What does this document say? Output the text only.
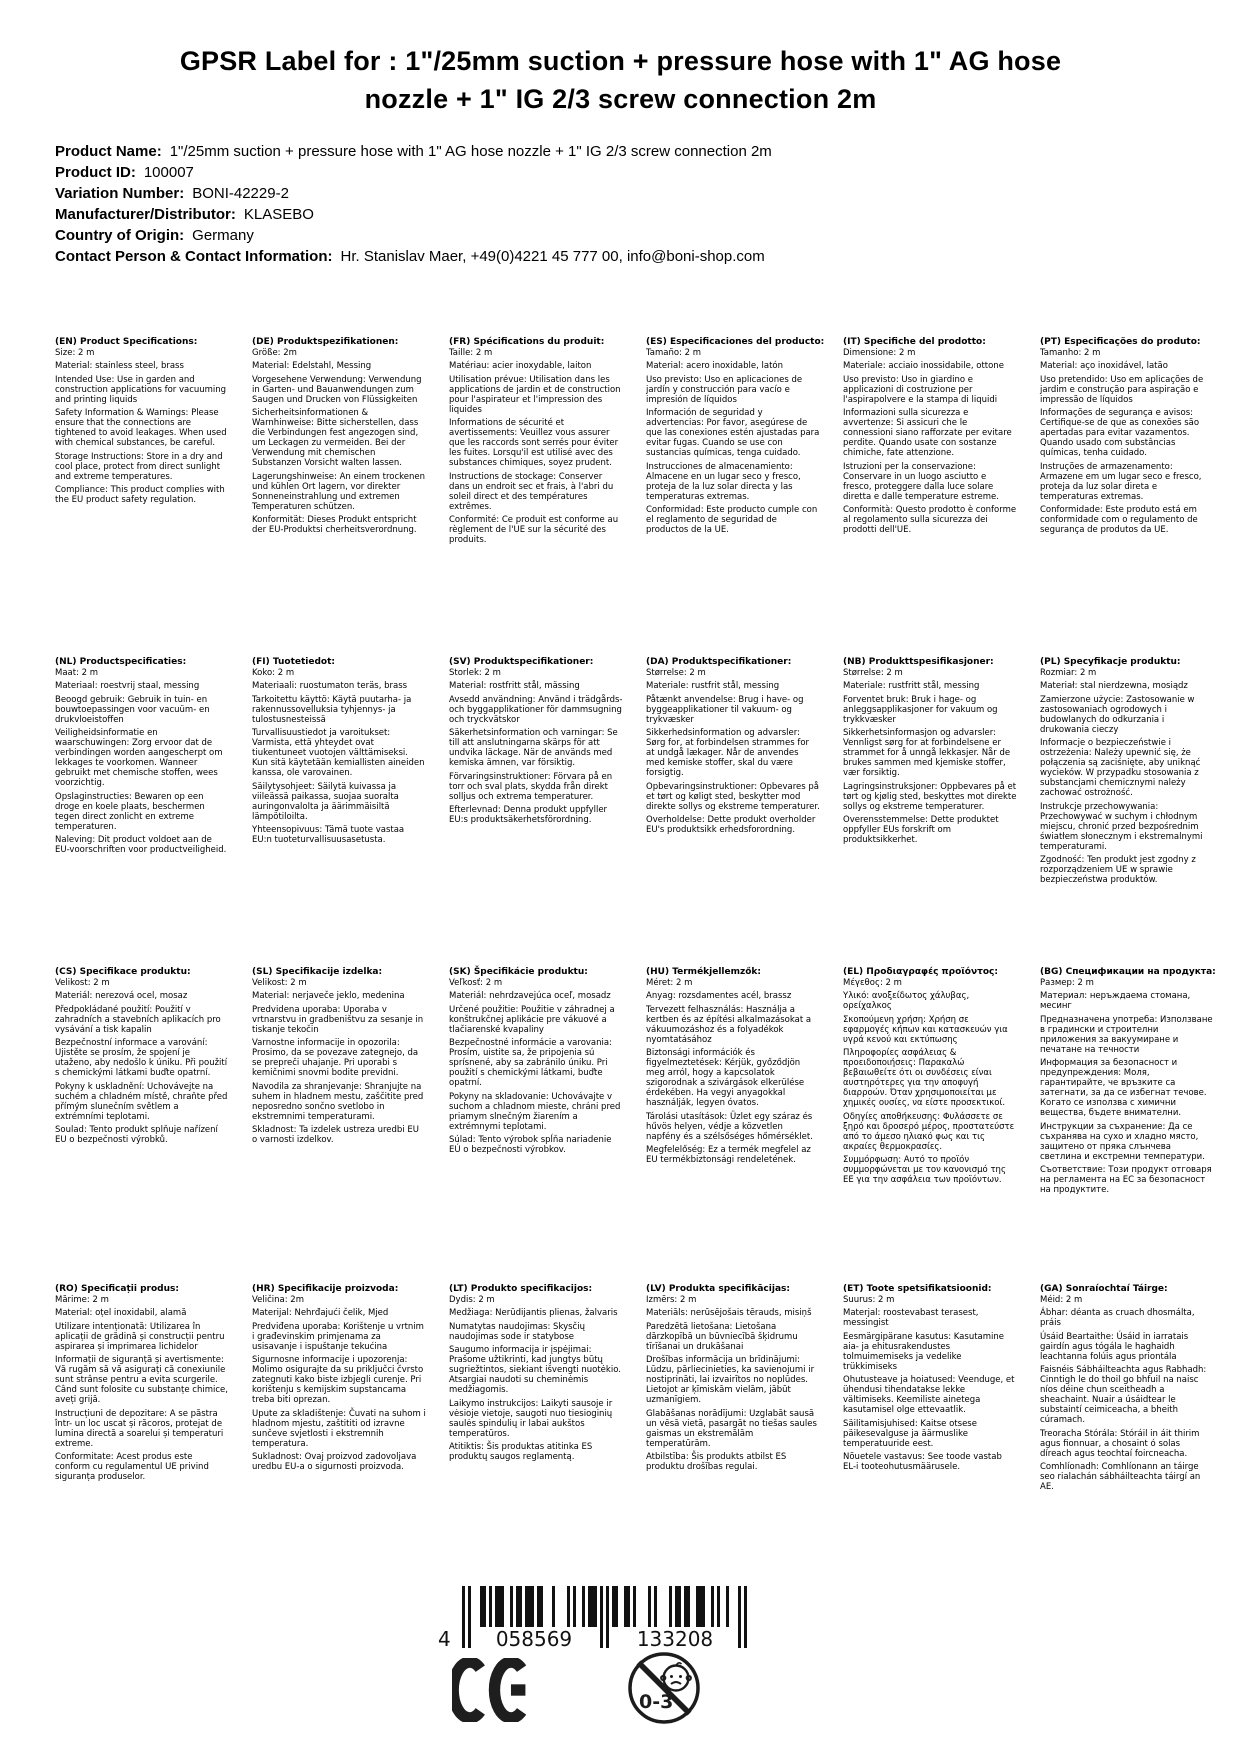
GPSR Label for : 1"/25mm suction + pressure hose with 1" AG hose nozzle + 1" IG 2/3 screw connection 2m
Product Name: 1"/25mm suction + pressure hose with 1" AG hose nozzle + 1" IG 2/3 screw connection 2m
Product ID: 100007
Variation Number: BONI-42229-2
Manufacturer/Distributor: KLASEBO
Country of Origin: Germany
Contact Person & Contact Information: Hr. Stanislav Maer, +49(0)4221 45 777 00, info@boni-shop.com
(EN) Product Specifications:

Size: 2 m

Material: stainless steel, brass

Intended Use: Use in garden and construction applications for vacuuming and printing liquids

Safety Information & Warnings: Please ensure that the connections are tightened to avoid leakages. When used with chemical substances, be careful.

Storage Instructions: Store in a dry and cool place, protect from direct sunlight and extreme temperatures.

Compliance: This product complies with the EU product safety regulation.

(DE) Produktspezifikationen:

Größe: 2m

Material: Edelstahl, Messing

Vorgesehene Verwendung: Verwendung in Garten- und Bauanwendungen zum Saugen und Drucken von Flüssigkeiten

Sicherheitsinformationen & Warnhinweise: Bitte sicherstellen, dass die Verbindungen fest angezogen sind, um Leckagen zu vermeiden. Bei der Verwendung mit chemischen Substanzen Vorsicht walten lassen.

Lagerungshinweise: An einem trockenen und kühlen Ort lagern, vor direkter Sonneneinstrahlung und extremen Temperaturen schützen.

Konformität: Dieses Produkt entspricht der EU-Produktsi cherheitsverordnung.

(FR) Spécifications du produit:

Taille: 2 m

Matériau: acier inoxydable, laiton

Utilisation prévue: Utilisation dans les applications de jardin et de construction pour l'aspirateur et l'impression des liquides

Informations de sécurité et avertissements: Veuillez vous assurer que les raccords sont serrés pour éviter les fuites. Lorsqu'il est utilisé avec des substances chimiques, soyez prudent.

Instructions de stockage: Conserver dans un endroit sec et frais, à l'abri du soleil direct et des températures extrêmes.

Conformité: Ce produit est conforme au règlement de l'UE sur la sécurité des produits.

(ES) Especificaciones del producto:

Tamaño: 2 m

Material: acero inoxidable, latón

Uso previsto: Uso en aplicaciones de jardín y construcción para vacío e impresión de líquidos

Información de seguridad y advertencias: Por favor, asegúrese de que las conexiones estén ajustadas para evitar fugas. Cuando se use con sustancias químicas, tenga cuidado.

Instrucciones de almacenamiento: Almacene en un lugar seco y fresco, proteja de la luz solar directa y las temperaturas extremas.

Conformidad: Este producto cumple con el reglamento de seguridad de productos de la UE.

(IT) Specifiche del prodotto:

Dimensione: 2 m

Materiale: acciaio inossidabile, ottone

Uso previsto: Uso in giardino e applicazioni di costruzione per l'aspirapolvere e la stampa di liquidi

Informazioni sulla sicurezza e avvertenze: Si assicuri che le connessioni siano rafforzate per evitare perdite. Quando usate con sostanze chimiche, fate attenzione.

Istruzioni per la conservazione: Conservare in un luogo asciutto e fresco, proteggere dalla luce solare diretta e dalle temperature estreme.

Conformità: Questo prodotto è conforme al regolamento sulla sicurezza dei prodotti dell'UE.

(PT) Especificações do produto:

Tamanho: 2 m

Material: aço inoxidável, latão

Uso pretendido: Uso em aplicações de jardim e construção para aspiração e impressão de líquidos

Informações de segurança e avisos: Certifique-se de que as conexões são apertadas para evitar vazamentos. Quando usado com substâncias químicas, tenha cuidado.

Instruções de armazenamento: Armazene em um lugar seco e fresco, proteja da luz solar direta e temperaturas extremas.

Conformidade: Este produto está em conformidade com o regulamento de segurança de produtos da UE.

(NL) Productspecificaties:

Maat: 2 m

Materiaal: roestvrij staal, messing

Beoogd gebruik: Gebruik in tuin- en bouwtoepassingen voor vacuüm- en drukvloeistoffen

Veiligheidsinformatie en waarschuwingen: Zorg ervoor dat de verbindingen worden aangescherpt om lekkages te voorkomen. Wanneer gebruikt met chemische stoffen, wees voorzichtig.

Opslaginstructies: Bewaren op een droge en koele plaats, beschermen tegen direct zonlicht en extreme temperaturen.

Naleving: Dit product voldoet aan de EU-voorschriften voor productveiligheid.

(FI) Tuotetiedot:

Koko: 2 m

Materiaali: ruostumaton teräs, brass

Tarkoitettu käyttö: Käytä puutarha- ja rakennussovelluksia tyhjennys- ja tulostusnesteissä

Turvallisuustiedot ja varoitukset: Varmista, että yhteydet ovat tiukentuneet vuotojen välttämiseksi. Kun sitä käytetään kemiallisten aineiden kanssa, ole varovainen.

Säilytysohjeet: Säilytä kuivassa ja viileässä paikassa, suojaa suoralta auringonvalolta ja äärimmäisiltä lämpötiloilta.

Yhteensopivuus: Tämä tuote vastaa EU:n tuoteturvallisuusasetusta.

(SV) Produktspecifikationer:

Storlek: 2 m

Material: rostfritt stål, mässing

Avsedd användning: Använd i trädgårds- och byggapplikationer för dammsugning och tryckvätskor

Säkerhetsinformation och varningar: Se till att anslutningarna skärps för att undvika läckage. När de används med kemiska ämnen, var försiktig.

Förvaringsinstruktioner: Förvara på en torr och sval plats, skydda från direkt solljus och extrema temperaturer.

Efterlevnad: Denna produkt uppfyller EU:s produktsäkerhetsförordning.

(DA) Produktspecifikationer:

Størrelse: 2 m

Materiale: rustfrit stål, messing

Påtænkt anvendelse: Brug i have- og byggeapplikationer til vakuum- og trykvæsker

Sikkerhedsinformation og advarsler: Sørg for, at forbindelsen strammes for at undgå lækager. Når de anvendes med kemiske stoffer, skal du være forsigtig.

Opbevaringsinstruktioner: Opbevares på et tørt og køligt sted, beskytter mod direkte sollys og ekstreme temperaturer.

Overholdelse: Dette produkt overholder EU's produktsikk erhedsforordning.

(NB) Produkttspesifikasjoner:

Størrelse: 2 m

Materiale: rustfritt stål, messing

Forventet bruk: Bruk i hage- og anleggsapplikasjoner for vakuum og trykkvæsker

Sikkerhetsinformasjon og advarsler: Vennligst sørg for at forbindelsene er strammet for å unngå lekkasjer. Når de brukes sammen med kjemiske stoffer, vær forsiktig.

Lagringsinstruksjoner: Oppbevares på et tørt og kjølig sted, beskyttes mot direkte sollys og ekstreme temperaturer.

Overensstemmelse: Dette produktet oppfyller EUs forskrift om produktsikkerhet.

(PL) Specyfikacje produktu:

Rozmiar: 2 m

Materiał: stal nierdzewna, mosiądz

Zamierzone użycie: Zastosowanie w zastosowaniach ogrodowych i budowlanych do odkurzania i drukowania cieczy

Informacje o bezpieczeństwie i ostrzeżenia: Należy upewnić się, że połączenia są zaciśnięte, aby uniknąć wycieków. W przypadku stosowania z substancjami chemicznymi należy zachować ostrożność.

Instrukcje przechowywania: Przechowywać w suchym i chłodnym miejscu, chronić przed bezpośrednim światłem słonecznym i ekstremalnymi temperaturami.

Zgodność: Ten produkt jest zgodny z rozporządzeniem UE w sprawie bezpieczeństwa produktów.

(CS) Specifikace produktu:

Velikost: 2 m

Materiál: nerezová ocel, mosaz

Předpokládané použití: Použití v zahradních a stavebních aplikacích pro vysávání a tisk kapalin

Bezpečnostní informace a varování: Ujistěte se prosím, že spojení je utaženo, aby nedošlo k úniku. Při použití s chemickými látkami buďte opatrní.

Pokyny k uskladnění: Uchovávejte na suchém a chladném místě, chraňte před přímým slunečním světlem a extrémními teplotami.

Soulad: Tento produkt splňuje nařízení EU o bezpečnosti výrobků.

(SL) Specifikacije izdelka:

Velikost: 2 m

Material: nerjaveče jeklo, medenina

Predvidena uporaba: Uporaba v vrtnarstvu in gradbeništvu za sesanje in tiskanje tekočin

Varnostne informacije in opozorila: Prosimo, da se povezave zategnejo, da se prepreči uhajanje. Pri uporabi s kemičnimi snovmi bodite previdni.

Navodila za shranjevanje: Shranjujte na suhem in hladnem mestu, zaščitite pred neposredno sončno svetlobo in ekstremnimi temperaturami.

Skladnost: Ta izdelek ustreza uredbi EU o varnosti izdelkov.

(SK) Špecifikácie produktu:

Veľkosť: 2 m

Materiál: nehrdzavejúca oceľ, mosadz

Určené použitie: Použitie v záhradnej a konštrukčnej aplikácie pre vákuové a tlačiarenské kvapaliny

Bezpečnostné informácie a varovania: Prosím, uistite sa, že pripojenia sú sprísnené, aby sa zabránilo úniku. Pri použití s chemickými látkami, buďte opatrní.

Pokyny na skladovanie: Uchovávajte v suchom a chladnom mieste, chráni pred priamym slnečným žiarením a extrémnymi teplotami.

Súlad: Tento výrobok spĺňa nariadenie EÚ o bezpečnosti výrobkov.

(HU) Termékjellemzők:

Méret: 2 m

Anyag: rozsdamentes acél, brassz

Tervezett felhasználás: Használja a kertben és az építési alkalmazásokat a vákuumozáshoz és a folyadékok nyomtatásához

Biztonsági információk és figyelmeztetések: Kérjük, győződjön meg arról, hogy a kapcsolatok szigorodnak a szivárgások elkerülése érdekében. Ha vegyi anyagokkal használják, legyen óvatos.

Tárolási utasítások: Üzlet egy száraz és hűvös helyen, védje a közvetlen napfény és a szélsőséges hőmérséklet.

Megfelelőség: Ez a termék megfelel az EU termékbiztonsági rendeletének.

(EL) Προδιαγραφές προϊόντος:

Μέγεθος: 2 m

Υλικό: ανοξείδωτος χάλυβας, ορείχαλκος

Σκοπούμενη χρήση: Χρήση σε εφαρμογές κήπων και κατασκευών για υγρά κενού και εκτύπωσης

Πληροφορίες ασφάλειας & προειδοποιήσεις: Παρακαλώ βεβαιωθείτε ότι οι συνδέσεις είναι αυστηρότερες για την αποφυγή διαρροών. Όταν χρησιμοποιείται με χημικές ουσίες, να είστε προσεκτικοί.

Οδηγίες αποθήκευσης: Φυλάσσετε σε ξηρό και δροσερό μέρος, προστατεύστε από το άμεσο ηλιακό φως και τις ακραίες θερμοκρασίες.

Συμμόρφωση: Αυτό το προϊόν συμμορφώνεται με τον κανονισμό της ΕΕ για την ασφάλεια των προϊόντων.

(BG) Спецификации на продукта:

Размер: 2 m

Материал: неръждаема стомана, месинг

Предназначена употреба: Използване в градински и строителни приложения за вакуумиране и печатане на течности

Информация за безопасност и предупреждения: Моля, гарантирайте, че връзките са затегнати, за да се избегнат течове. Когато се използва с химични вещества, бъдете внимателни.

Инструкции за съхранение: Да се съхранява на сухо и хладно място, защитено от пряка слънчева светлина и екстремни температури.

Съответствие: Този продукт отговаря на регламента на ЕС за безопасност на продуктите.

(RO) Specificații produs:

Mărime: 2 m

Material: oțel inoxidabil, alamă

Utilizare intenționată: Utilizarea în aplicații de grădină și construcții pentru aspirarea și imprimarea lichidelor

Informații de siguranță și avertismente: Vă rugăm să vă asigurați că conexiunile sunt strânse pentru a evita scurgerile. Când sunt folosite cu substanțe chimice, aveți grijă.

Instrucțiuni de depozitare: A se păstra într- un loc uscat și răcoros, protejat de lumina directă a soarelui și temperaturi extreme.

Conformitate: Acest produs este conform cu regulamentul UE privind siguranța produselor.

(HR) Specifikacije proizvoda:

Veličina: 2m

Materijal: Nehrđajući čelik, Mjed

Predviđena uporaba: Korištenje u vrtnim i građevinskim primjenama za usisavanje i ispuštanje tekućina

Sigurnosne informacije i upozorenja: Molimo osigurajte da su priključci čvrsto zategnuti kako biste izbjegli curenje. Pri korištenju s kemijskim supstancama treba biti oprezan.

Upute za skladištenje: Čuvati na suhom i hladnom mjestu, zaštititi od izravne sunčeve svjetlosti i ekstremnih temperatura.

Sukladnost: Ovaj proizvod zadovoljava uredbu EU-a o sigurnosti proizvoda.

(LT) Produkto specifikacijos:

Dydis: 2 m

Medžiaga: Nerūdijantis plienas, žalvaris

Numatytas naudojimas: Skysčių naudojimas sode ir statybose

Saugumo informacija ir įspėjimai: Prašome užtikrinti, kad jungtys būtų sugriežtintos, siekiant išvengti nuotėkio. Atsargiai naudoti su cheminėmis medžiagomis.

Laikymo instrukcijos: Laikyti sausoje ir vėsioje vietoje, saugoti nuo tiesioginių saulės spindulių ir labai aukštos temperatūros.

Atitiktis: Šis produktas atitinka ES produktų saugos reglamentą.

(LV) Produkta specifikācijas:

Izmērs: 2 m

Materiāls: nerūsējošais tērauds, misiņš

Paredzētā lietošana: Lietošana dārzkopībā un būvniecībā šķidrumu tīrīšanai un drukāšanai

Drošības informācija un brīdinājumi: Lūdzu, pārliecinieties, ka savienojumi ir nostiprināti, lai izvairītos no noplūdes. Lietojot ar ķīmiskām vielām, jābūt uzmanīgiem.

Glabāšanas norādījumi: Uzglabāt sausā un vēsā vietā, pasargāt no tiešas saules gaismas un ekstremālām temperatūrām.

Atbilstība: Šis produkts atbilst ES produktu drošības regulai.

(ET) Toote spetsifikatsioonid:

Suurus: 2 m

Materjal: roostevabast terasest, messingist

Eesmärgipärane kasutus: Kasutamine aia- ja ehitusrakendustes tolmuimemiseks ja vedelike trükkimiseks

Ohutusteave ja hoiatused: Veenduge, et ühendusi tihendatakse lekke vältimiseks. Keemiliste ainetega kasutamisel olge ettevaatlik.

Säilitamisjuhised: Kaitse otsese päikesevalguse ja äärmuslike temperatuuride eest.

Nõuetele vastavus: See toode vastab EL-i tooteohutusmäärusele.

(GA) Sonraíochtaí Táirge:

Méid: 2 m

Ábhar: déanta as cruach dhosmálta, práis

Úsáid Beartaithe: Úsáid in iarratais gairdín agus tógála le haghaidh leachtanna folúis agus priontála

Faisnéis Sábháilteachta agus Rabhadh: Cinntigh le do thoil go bhfuil na naisc níos déine chun sceitheadh a sheachaint. Nuair a úsáidtear le substaintí ceimiceacha, a bheith cúramach.

Treoracha Stórála: Stóráil in áit thirim agus fionnuar, a chosaint ó solas díreach agus teochtaí foircneacha.

Comhlíonadh: Comhlíonann an táirge seo rialachán sábháilteachta táirgí an AE.

4 058569	133208
0-3
